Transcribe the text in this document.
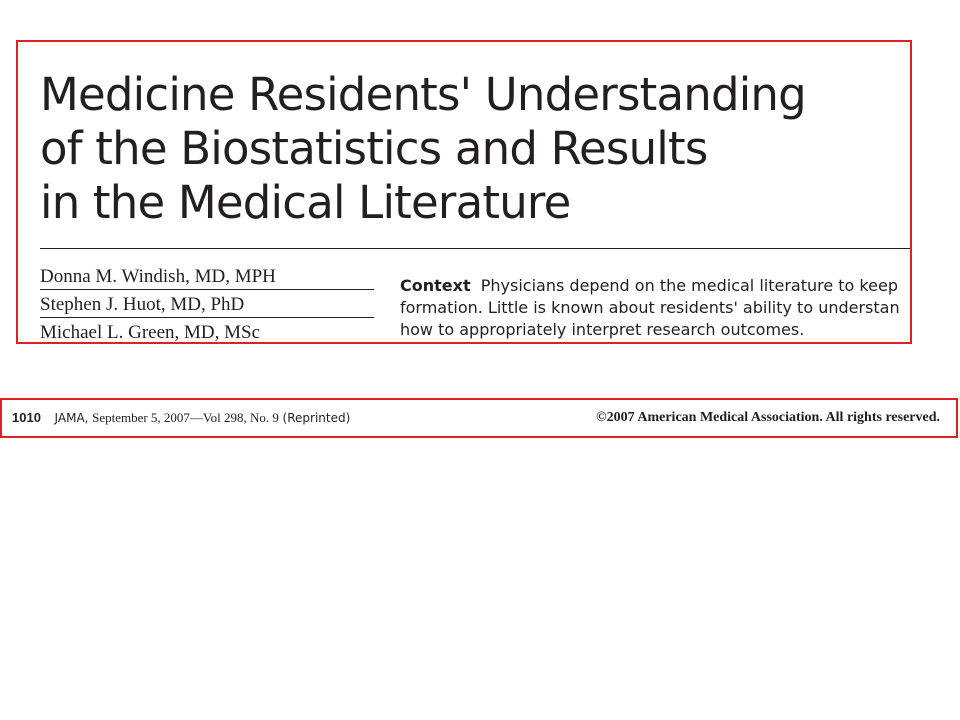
Medicine Residents' Understanding
of the Biostatistics and Results
in the Medical Literature
Donna M. Windish, MD, MPH
Stephen J. Huot, MD, PhD
Michael L. Green, MD, MSc
Context Physicians depend on the medical literature to keep
formation. Little is known about residents' ability to understan
how to appropriately interpret research outcomes.
1010 JAMA, September 5, 2007—Vol 298, No. 9 (Reprinted)	©2007 American Medical Association. All rights reserved.
